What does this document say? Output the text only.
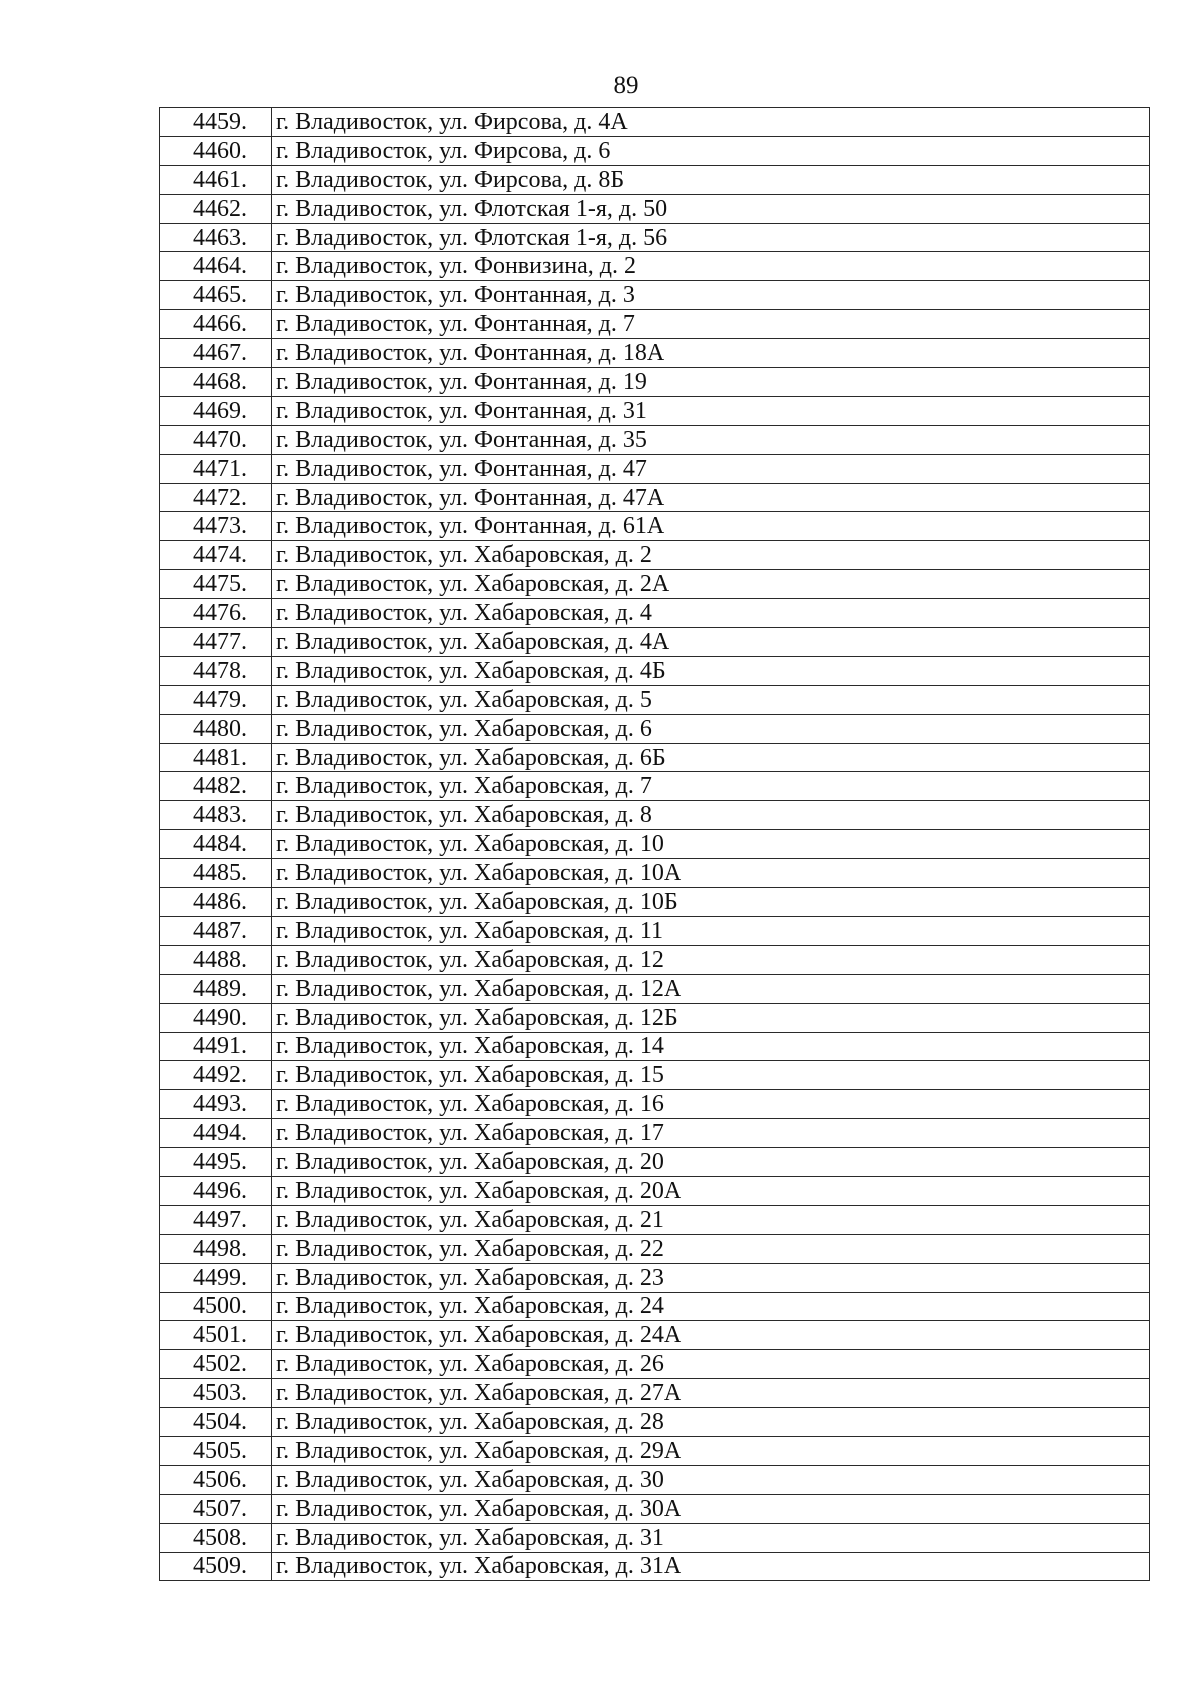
89
4459.	г. Владивосток, ул. Фирсова, д. 4А
4460.	г. Владивосток, ул. Фирсова, д. 6
4461.	г. Владивосток, ул. Фирсова, д. 8Б
4462.	г. Владивосток, ул. Флотская 1-я, д. 50
4463.	г. Владивосток, ул. Флотская 1-я, д. 56
4464.	г. Владивосток, ул. Фонвизина, д. 2
4465.	г. Владивосток, ул. Фонтанная, д. 3
4466.	г. Владивосток, ул. Фонтанная, д. 7
4467.	г. Владивосток, ул. Фонтанная, д. 18А
4468.	г. Владивосток, ул. Фонтанная, д. 19
4469.	г. Владивосток, ул. Фонтанная, д. 31
4470.	г. Владивосток, ул. Фонтанная, д. 35
4471.	г. Владивосток, ул. Фонтанная, д. 47
4472.	г. Владивосток, ул. Фонтанная, д. 47А
4473.	г. Владивосток, ул. Фонтанная, д. 61А
4474.	г. Владивосток, ул. Хабаровская, д. 2
4475.	г. Владивосток, ул. Хабаровская, д. 2А
4476.	г. Владивосток, ул. Хабаровская, д. 4
4477.	г. Владивосток, ул. Хабаровская, д. 4А
4478.	г. Владивосток, ул. Хабаровская, д. 4Б
4479.	г. Владивосток, ул. Хабаровская, д. 5
4480.	г. Владивосток, ул. Хабаровская, д. 6
4481.	г. Владивосток, ул. Хабаровская, д. 6Б
4482.	г. Владивосток, ул. Хабаровская, д. 7
4483.	г. Владивосток, ул. Хабаровская, д. 8
4484.	г. Владивосток, ул. Хабаровская, д. 10
4485.	г. Владивосток, ул. Хабаровская, д. 10А
4486.	г. Владивосток, ул. Хабаровская, д. 10Б
4487.	г. Владивосток, ул. Хабаровская, д. 11
4488.	г. Владивосток, ул. Хабаровская, д. 12
4489.	г. Владивосток, ул. Хабаровская, д. 12А
4490.	г. Владивосток, ул. Хабаровская, д. 12Б
4491.	г. Владивосток, ул. Хабаровская, д. 14
4492.	г. Владивосток, ул. Хабаровская, д. 15
4493.	г. Владивосток, ул. Хабаровская, д. 16
4494.	г. Владивосток, ул. Хабаровская, д. 17
4495.	г. Владивосток, ул. Хабаровская, д. 20
4496.	г. Владивосток, ул. Хабаровская, д. 20А
4497.	г. Владивосток, ул. Хабаровская, д. 21
4498.	г. Владивосток, ул. Хабаровская, д. 22
4499.	г. Владивосток, ул. Хабаровская, д. 23
4500.	г. Владивосток, ул. Хабаровская, д. 24
4501.	г. Владивосток, ул. Хабаровская, д. 24А
4502.	г. Владивосток, ул. Хабаровская, д. 26
4503.	г. Владивосток, ул. Хабаровская, д. 27А
4504.	г. Владивосток, ул. Хабаровская, д. 28
4505.	г. Владивосток, ул. Хабаровская, д. 29А
4506.	г. Владивосток, ул. Хабаровская, д. 30
4507.	г. Владивосток, ул. Хабаровская, д. 30А
4508.	г. Владивосток, ул. Хабаровская, д. 31
4509.	г. Владивосток, ул. Хабаровская, д. 31А
